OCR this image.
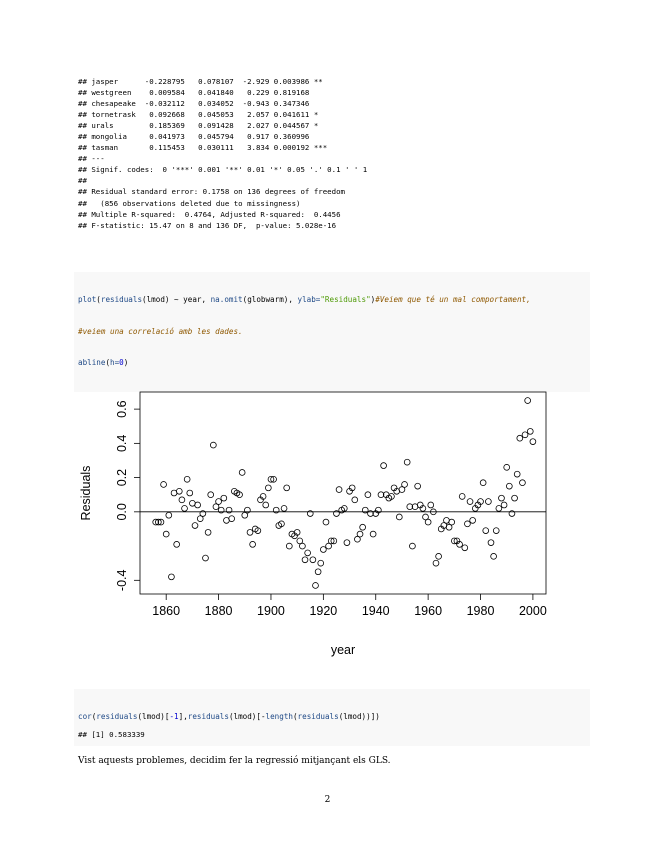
## jasper      -0.228795   0.078107  -2.929 0.003986 **
## westgreen    0.009584   0.041840   0.229 0.819168
## chesapeake  -0.032112   0.034052  -0.943 0.347346
## tornetrask   0.092668   0.045053   2.057 0.041611 *
## urals        0.185369   0.091428   2.027 0.044567 *
## mongolia     0.041973   0.045794   0.917 0.360996
## tasman       0.115453   0.030111   3.834 0.000192 ***
## ---
## Signif. codes:  0 '***' 0.001 '**' 0.01 '*' 0.05 '.' 0.1 ' ' 1
##
## Residual standard error: 0.1758 on 136 degrees of freedom
##   (856 observations deleted due to missingness)
## Multiple R-squared:  0.4764, Adjusted R-squared:  0.4456
## F-statistic: 15.47 on 8 and 136 DF,  p-value: 5.028e-16

plot(residuals(lmod) ~ year, na.omit(globwarm), ylab="Residuals")#Veiem que té un mal comportament,

#veiem una correlació amb les dades.

abline(h=0)

1860 1880 1900 1920 1940 1960 1980 2000
-0.4
0.0
0.2
0.4
0.6
year
Residuals

cor(residuals(lmod)[-1],residuals(lmod)[-length(residuals(lmod))])

## [1] 0.583339
Vist aquests problemes, decidim fer la regressió mitjançant els GLS.
2
